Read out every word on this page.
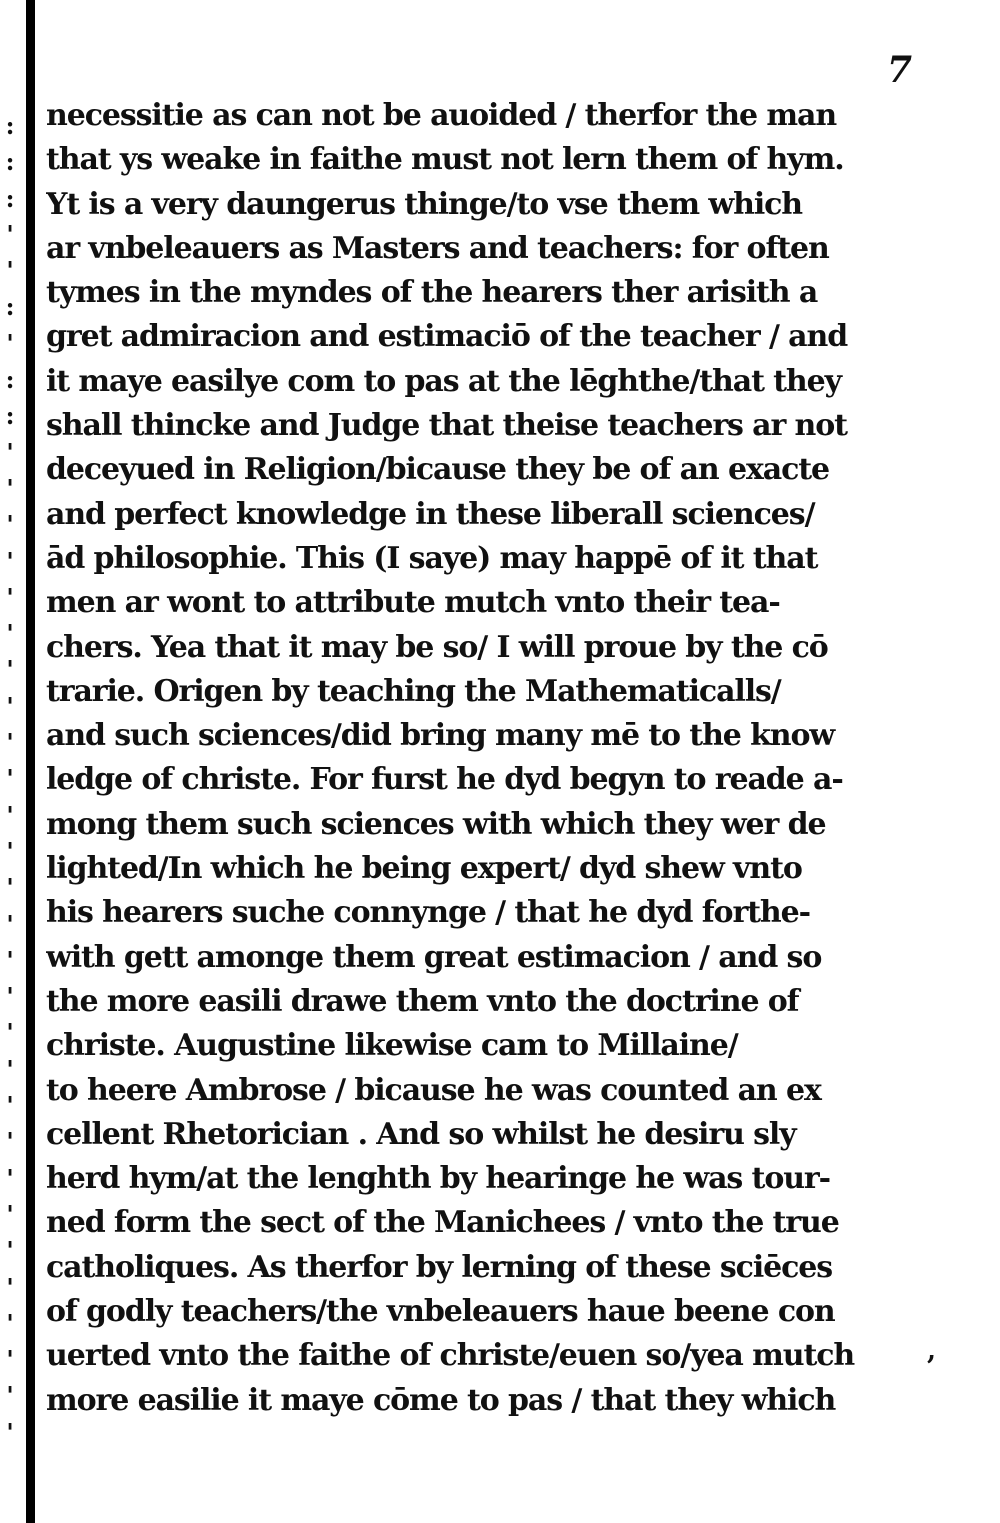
:
:
:
'
'
:
'
:
:
'
'
'
'
'
'
'
'
'
'
'
'
'
'
'
'
'
'
'
'
'
'
'
'
'
'
'
'
7
necessitie as can not be auoided / therfor the man
that ys weake in faithe must not lern them of hym.
Yt is a very daungerus thinge/to vse them which
ar vnbeleauers as Masters and teachers: for often
tymes in the myndes of the hearers ther arisith a
gret admiracion and estimaciō of the teacher / and
it maye easilye com to pas at the lēghthe/that they
shall thincke and Judge that theise teachers ar not
deceyued in Religion/bicause they be of an exacte
and perfect knowledge in these liberall sciences/
ād philosophie. This (I saye) may happē of it that
men ar wont to attribute mutch vnto their tea-
chers. Yea that it may be so/ I will proue by the cō
trarie. Origen by teaching the Mathematicalls/
and such sciences/did bring many mē to the know
ledge of christe. For furst he dyd begyn to reade a-
mong them such sciences with which they wer de
lighted/In which he being expert/ dyd shew vnto
his hearers suche connynge / that he dyd forthe-
with gett amonge them great estimacion / and so
the more easili drawe them vnto the doctrine of
christe. Augustine likewise cam to Millaine/
to heere Ambrose / bicause he was counted an ex
cellent Rhetorician . And so whilst he desiru sly
herd hym/at the lenghth by hearinge he was tour-
ned form the sect of the Manichees / vnto the true
catholiques. As therfor by lerning of these sciēces
of godly teachers/the vnbeleauers haue beene con
uerted vnto the faithe of christe/euen so/yea mutch
more easilie it maye cōme to pas / that they which
,
